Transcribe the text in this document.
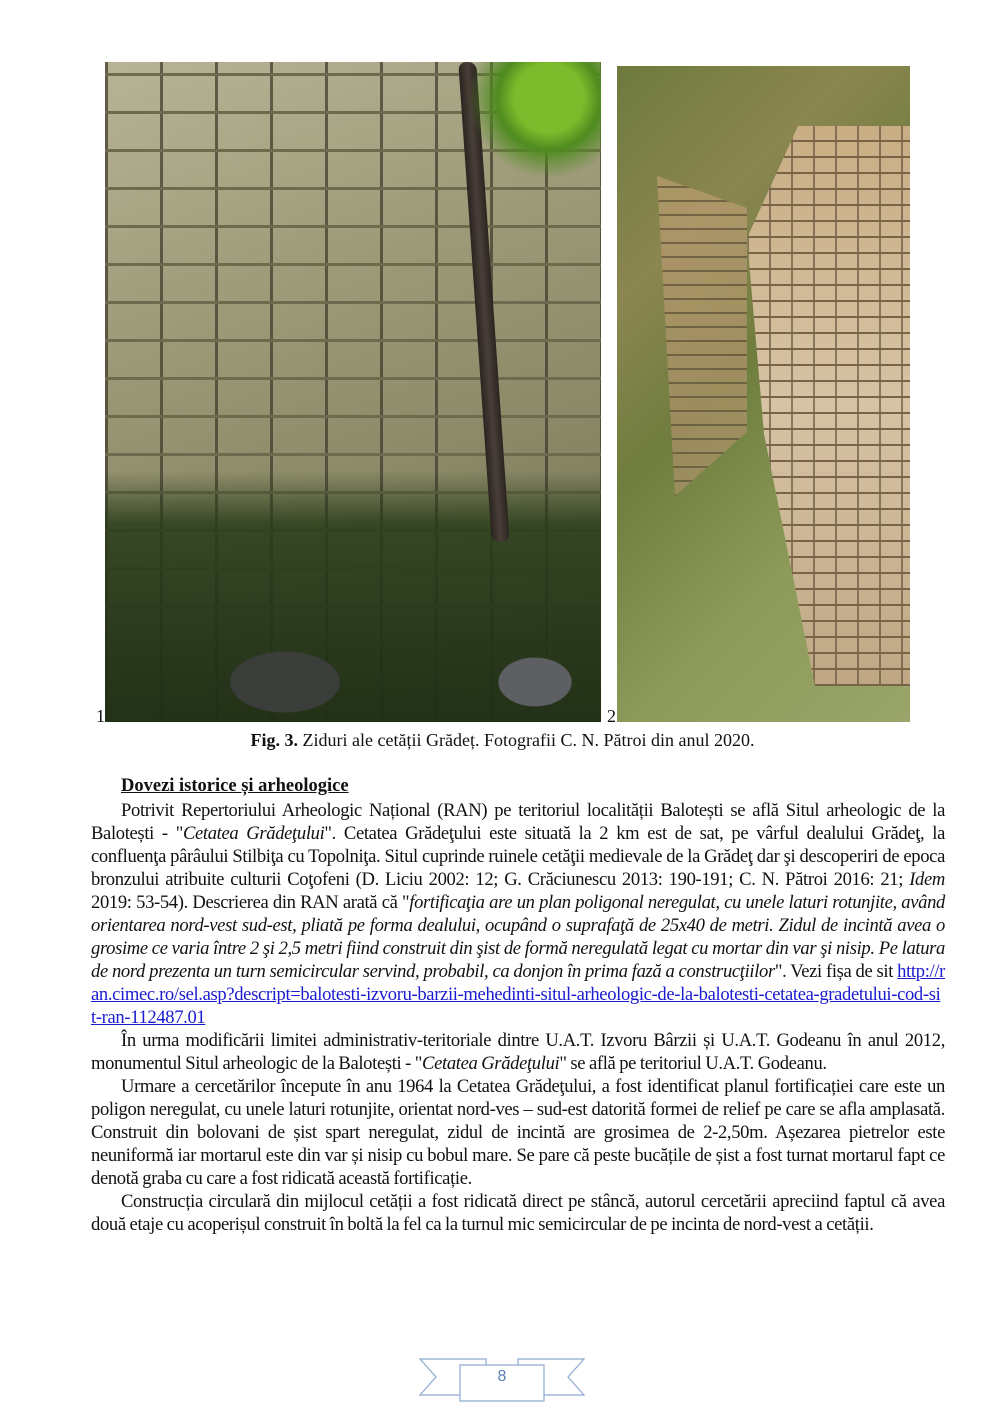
1	2
Fig. 3. Ziduri ale cetății Grădeț. Fotografii C. N. Pătroi din anul 2020.
Dovezi istorice și arheologice

Potrivit Repertoriului Arheologic Național (RAN) pe teritoriul localității Balotești se află Situl arheologic de la Balotești - "Cetatea Grădeţului". Cetatea Grădeţului este situată la 2 km est de sat, pe vârful dealului Grădeţ, la confluenţa pârâului Stilbiţa cu Topolniţa. Situl cuprinde ruinele cetăţii medievale de la Grădeţ dar şi descoperiri de epoca bronzului atribuite culturii Coţofeni (D. Liciu 2002: 12; G. Crăciunescu 2013: 190-191; C. N. Pătroi 2016: 21; Idem 2019: 53-54). Descrierea din RAN arată că "fortificaţia are un plan poligonal neregulat, cu unele laturi rotunjite, având orientarea nord-vest sud-est, pliată pe forma dealului, ocupând o suprafaţă de 25x40 de metri. Zidul de incintă avea o grosime ce varia între 2 şi 2,5 metri fiind construit din şist de formă neregulată legat cu mortar din var şi nisip. Pe latura de nord prezenta un turn semicircular servind, probabil, ca donjon în prima fază a construcţiilor". Vezi fișa de sit http://ran.cimec.ro/sel.asp?descript=balotesti-izvoru-barzii-mehedinti-situl-arheologic-de-la-balotesti-cetatea-gradetului-cod-sit-ran-112487.01

În urma modificării limitei administrativ-teritoriale dintre U.A.T. Izvoru Bârzii și U.A.T. Godeanu în anul 2012, monumentul Situl arheologic de la Balotești - "Cetatea Grădeţului" se află pe teritoriul U.A.T. Godeanu.

Urmare a cercetărilor începute în anu 1964 la Cetatea Grădeţului, a fost identificat planul fortificației care este un poligon neregulat, cu unele laturi rotunjite, orientat nord-ves – sud-est datorită formei de relief pe care se afla amplasată. Construit din bolovani de șist spart neregulat, zidul de incintă are grosimea de 2-2,50m. Așezarea pietrelor este neuniformă iar mortarul este din var și nisip cu bobul mare. Se pare că peste bucățile de șist a fost turnat mortarul fapt ce denotă graba cu care a fost ridicată această fortificație.

Construcția circulară din mijlocul cetății a fost ridicată direct pe stâncă, autorul cercetării apreciind faptul că avea două etaje cu acoperișul construit în boltă la fel ca la turnul mic semicircular de pe incinta de nord-vest a cetății.

8
